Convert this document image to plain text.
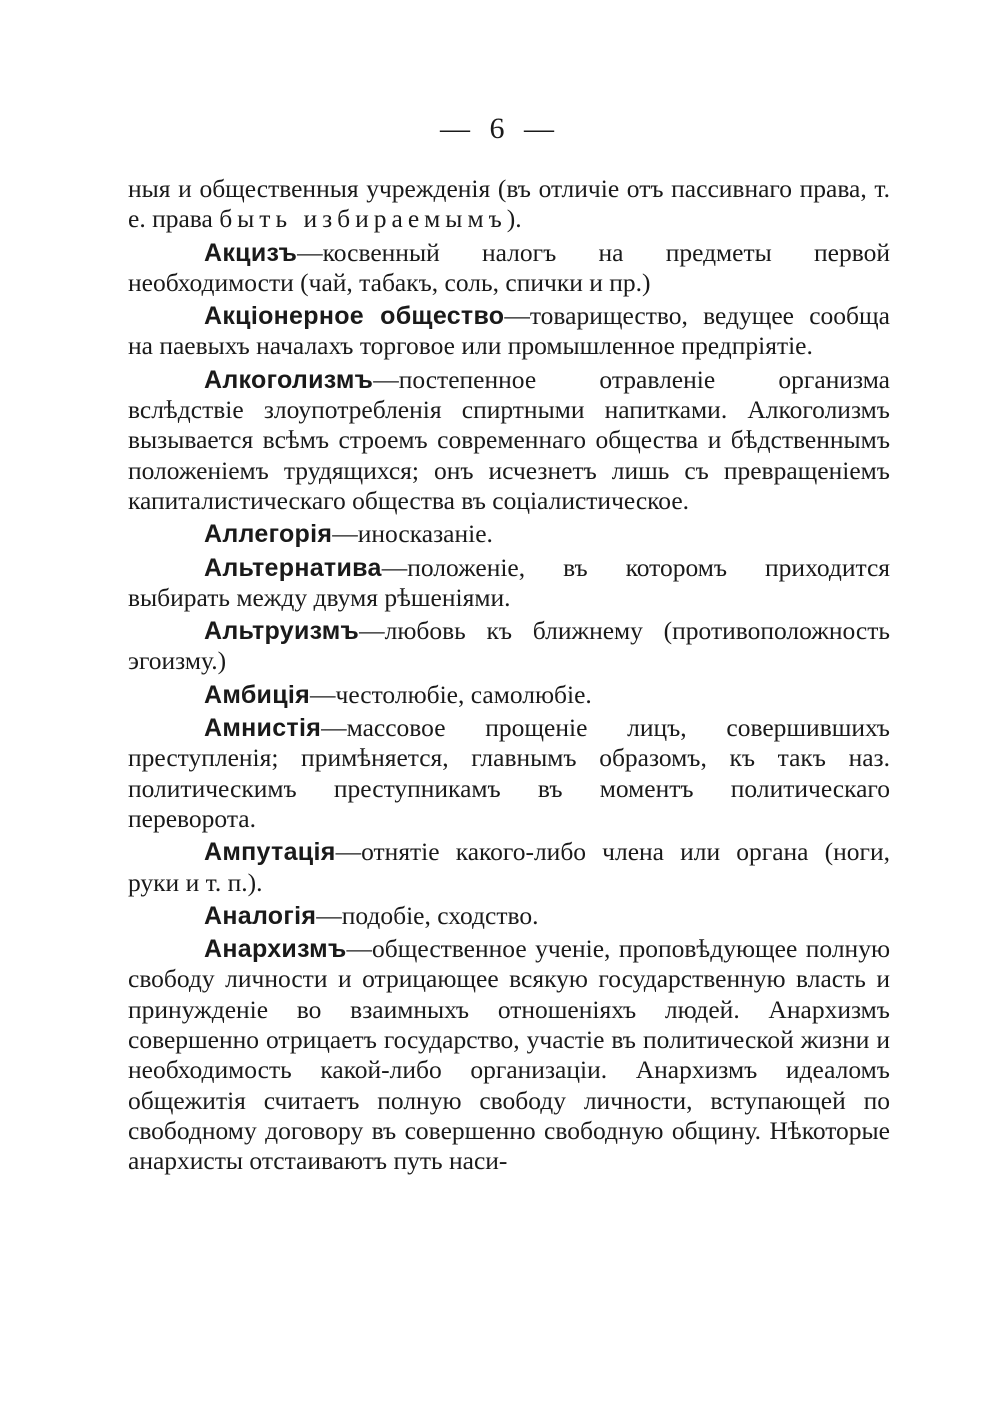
— 6 —

ныя и общественныя учрежденія (въ отличіе отъ пассивнаго права, т. е. права быть избираемымъ).

Акцизъ—косвенный налогъ на предметы первой необходимости (чай, табакъ, соль, спички и пр.)

Акціонерное общество—товарищество, ведущее сообща на паевыхъ началахъ торговое или промышленное предпріятіе.

Алкоголизмъ—постепенное отравленіе организма вслѣдствіе злоупотребленія спиртными напитками. Алкоголизмъ вызывается всѣмъ строемъ современнаго общества и бѣдственнымъ положеніемъ трудящихся; онъ исчезнетъ лишь съ превращеніемъ капиталистическаго общества въ соціалистическое.

Аллегорія—иносказаніе.

Альтернатива—положеніе, въ которомъ приходится выбирать между двумя рѣшеніями.

Альтруизмъ—любовь къ ближнему (противоположность эгоизму.)

Амбиція—честолюбіе, самолюбіе.

Амнистія—массовое прощеніе лицъ, совершившихъ преступленія; примѣняется, главнымъ образомъ, къ такъ наз. политическимъ преступникамъ въ моментъ политическаго переворота.

Ампутація—отнятіе какого-либо члена или органа (ноги, руки и т. п.).

Аналогія—подобіе, сходство.

Анархизмъ—общественное ученіе, проповѣдующее полную свободу личности и отрицающее всякую государственную власть и принужденіе во взаимныхъ отношеніяхъ людей. Анархизмъ совершенно отрицаетъ государство, участіе въ политической жизни и необходимость какой-либо организаціи. Анархизмъ идеаломъ общежитія считаетъ полную свободу личности, вступающей по свободному договору въ совершенно свободную общину. Нѣкоторые анархисты отстаиваютъ путь наси-
